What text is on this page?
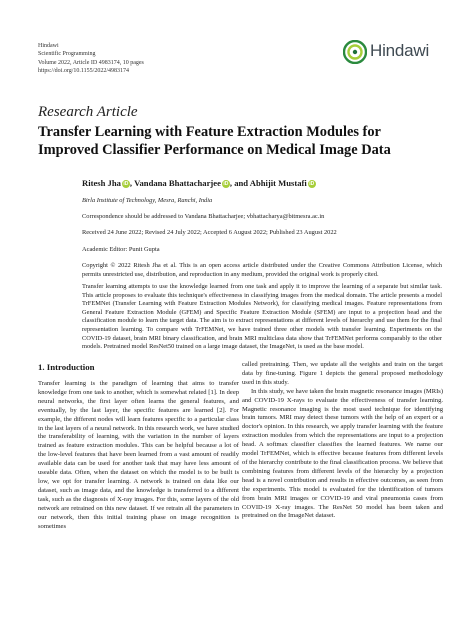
Hindawi
Scientific Programming
Volume 2022, Article ID 4983174, 10 pages
https://doi.org/10.1155/2022/4983174
Hindawi
Research Article
Transfer Learning with Feature Extraction Modules for Improved Classifier Performance on Medical Image Data
Ritesh Jha iD , Vandana Bhattacharjee iD , and Abhijit Mustafi iD
Birla Institute of Technology, Mesra, Ranchi, India
Correspondence should be addressed to Vandana Bhattacharjee; vbhattacharya@bitmesra.ac.in
Received 24 June 2022; Revised 24 July 2022; Accepted 6 August 2022; Published 23 August 2022
Academic Editor: Punit Gupta
Copyright © 2022 Ritesh Jha et al. This is an open access article distributed under the Creative Commons Attribution License, which permits unrestricted use, distribution, and reproduction in any medium, provided the original work is properly cited.
Transfer learning attempts to use the knowledge learned from one task and apply it to improve the learning of a separate but similar task. This article proposes to evaluate this technique's effectiveness in classifying images from the medical domain. The article presents a model TrFEMNet (Transfer Learning with Feature Extraction Modules Network), for classifying medical images. Feature representations from General Feature Extraction Module (GFEM) and Specific Feature Extraction Module (SFEM) are input to a projection head and the classification module to learn the target data. The aim is to extract representations at different levels of hierarchy and use them for the final representation learning. To compare with TrFEMNet, we have trained three other models with transfer learning. Experiments on the COVID-19 dataset, brain MRI binary classification, and brain MRI multiclass data show that TrFEMNet performs comparably to the other models. Pretrained model ResNet50 trained on a large image dataset, the ImageNet, is used as the base model.
1. Introduction

Transfer learning is the paradigm of learning that aims to transfer knowledge from one task to another, which is somewhat related [1]. In deep neural networks, the first layer often learns the general features, and eventually, by the last layer, the specific features are learned [2]. For example, the different nodes will learn features specific to a particular class in the last layers of a neural network. In this research work, we have studied the transferability of learning, with the variation in the number of layers trained as feature extraction modules. This can be helpful because a lot of the low-level features that have been learned from a vast amount of readily available data can be used for another task that may have less amount of useable data. Often, when the dataset on which the model is to be built is low, we opt for transfer learning. A network is trained on data like our dataset, such as image data, and the knowledge is transferred to a different task, such as the diagnosis of X-ray images. For this, some layers of the old network are retrained on this new dataset. If we retrain all the parameters in our network, then this initial training phase on image recognition is sometimes

called pretraining. Then, we update all the weights and train on the target data by fine-tuning. Figure 1 depicts the general proposed methodology used in this study.

In this study, we have taken the brain magnetic resonance images (MRIs) and COVID-19 X-rays to evaluate the effectiveness of transfer learning. Magnetic resonance imaging is the most used technique for identifying brain tumors. MRI may detect these tumors with the help of an expert or a doctor's opinion. In this research, we apply transfer learning with the feature extraction modules from which the representations are input to a projection head. A softmax classifier classifies the learned features. We name our model TrFEMNet, which is effective because features from different levels of the hierarchy contribute to the final classification process. We believe that combining features from different levels of the hierarchy by a projection head is a novel contribution and results in effective outcomes, as seen from the experiments. This model is evaluated for the identification of tumors from brain MRI images or COVID-19 and viral pneumonia cases from COVID-19 X-ray images. The ResNet 50 model has been taken and pretrained on the ImageNet dataset.
